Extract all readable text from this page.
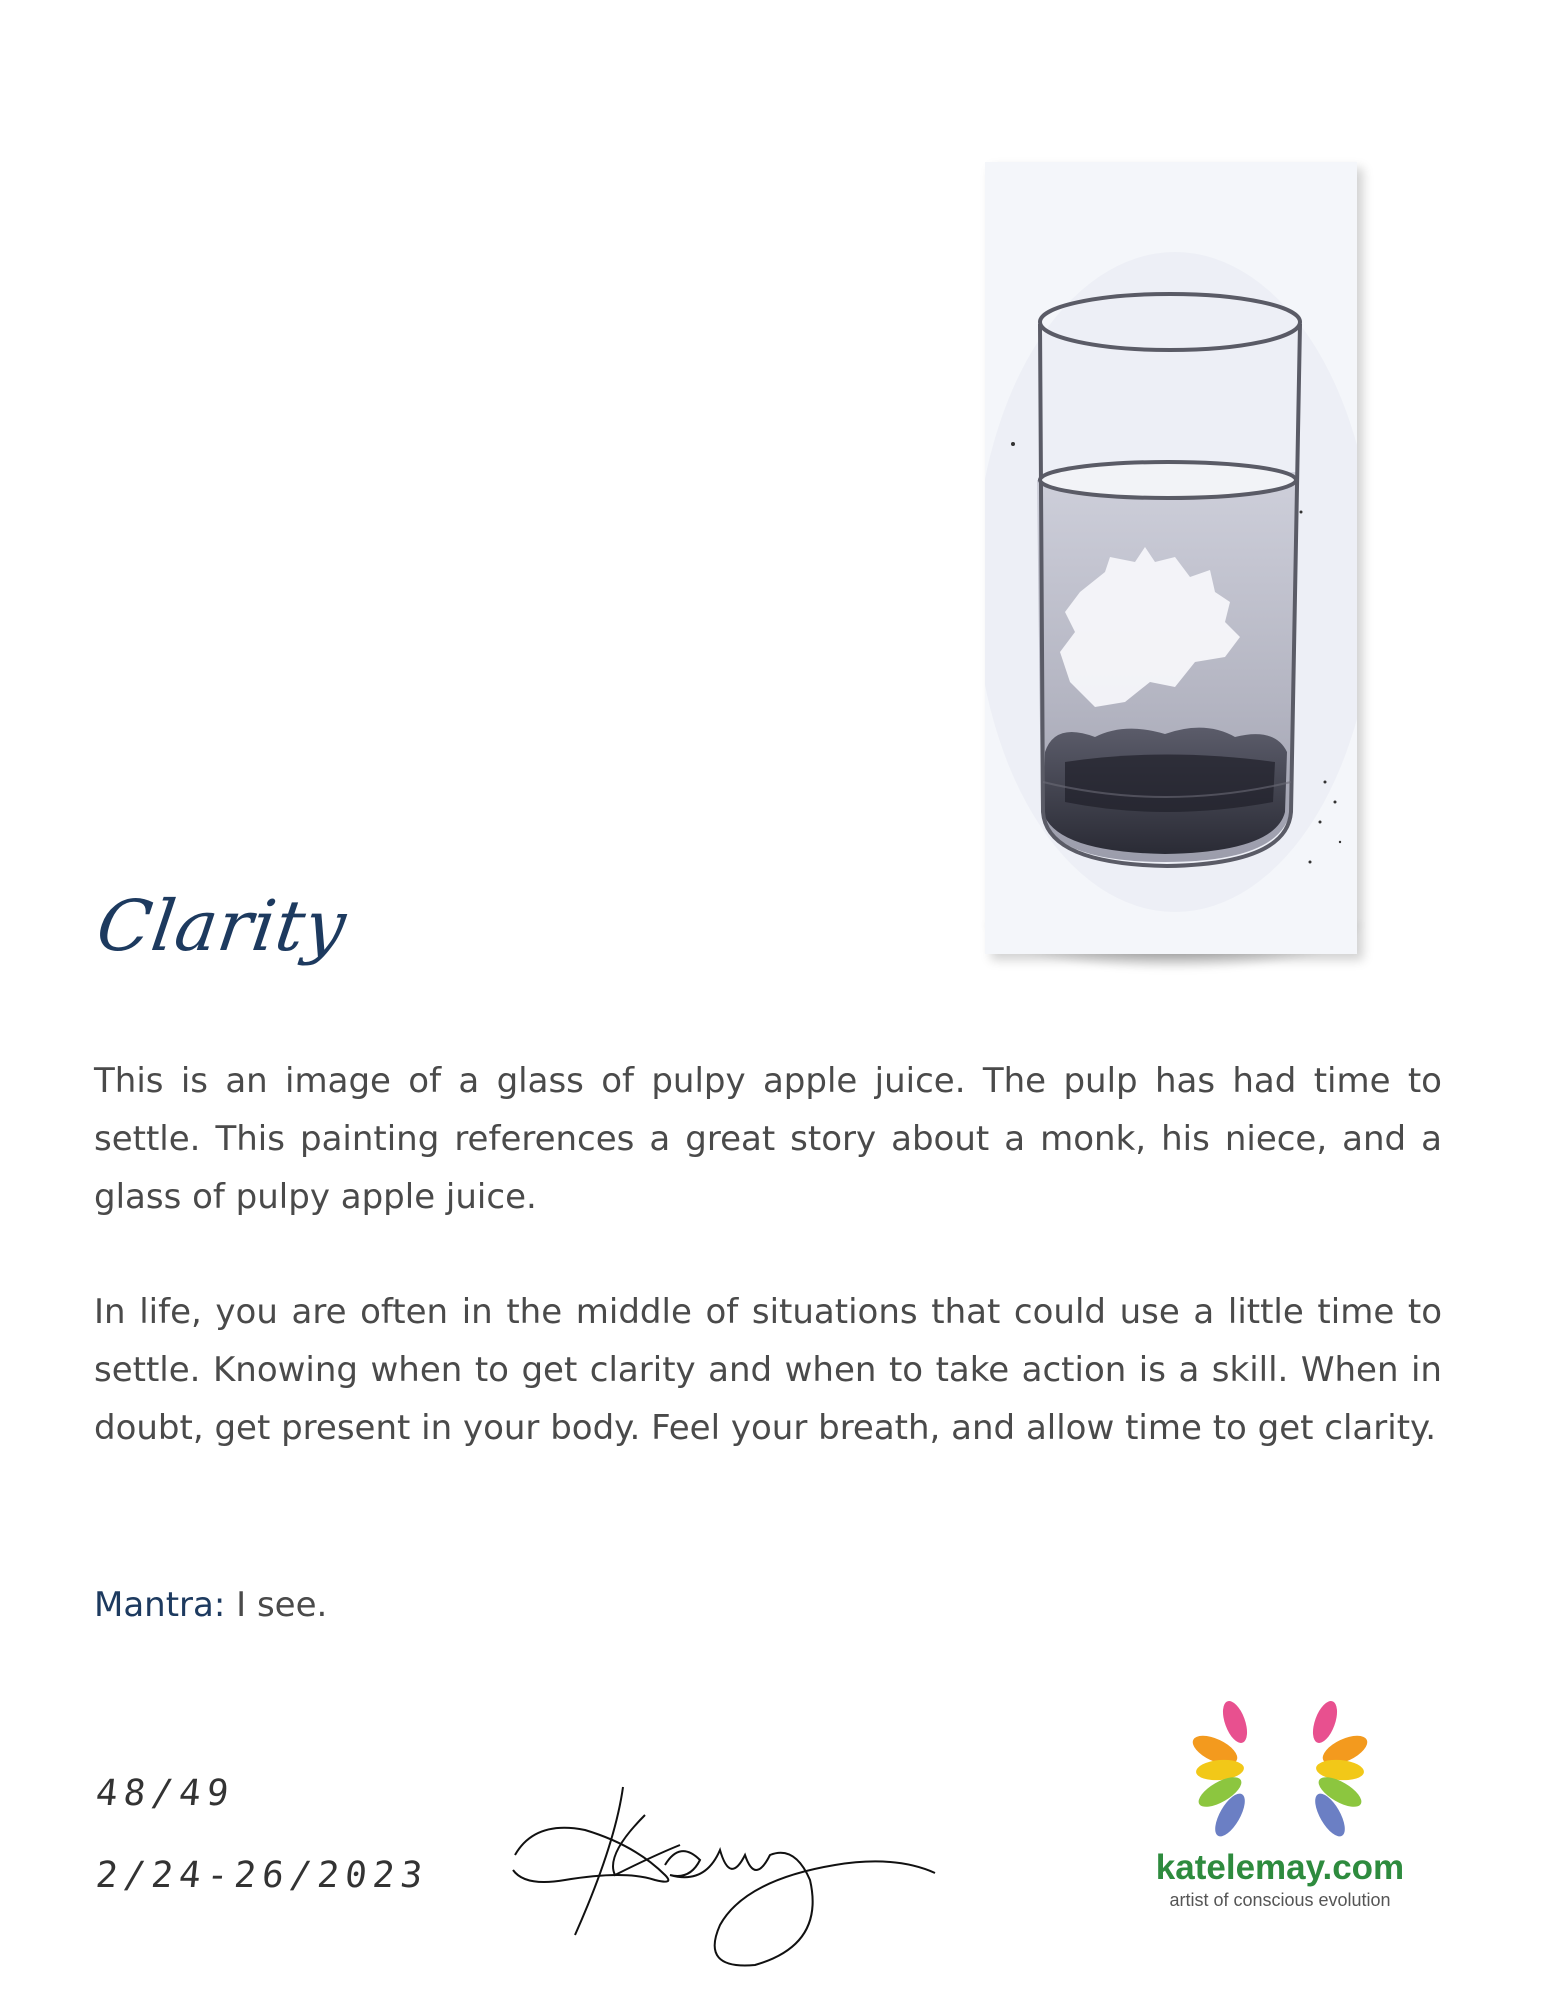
Clarity

This is an image of a glass of pulpy apple juice. The pulp has had time to settle. This painting references a great story about a monk, his niece, and a glass of pulpy apple juice.

In life, you are often in the middle of situations that could use a little time to settle. Knowing when to get clarity and when to take action is a skill. When in doubt, get present in your body. Feel your breath, and allow time to get clarity.

Mantra: I see.
48/49
2/24-26/2023	katelemay.com
artist of conscious evolution
